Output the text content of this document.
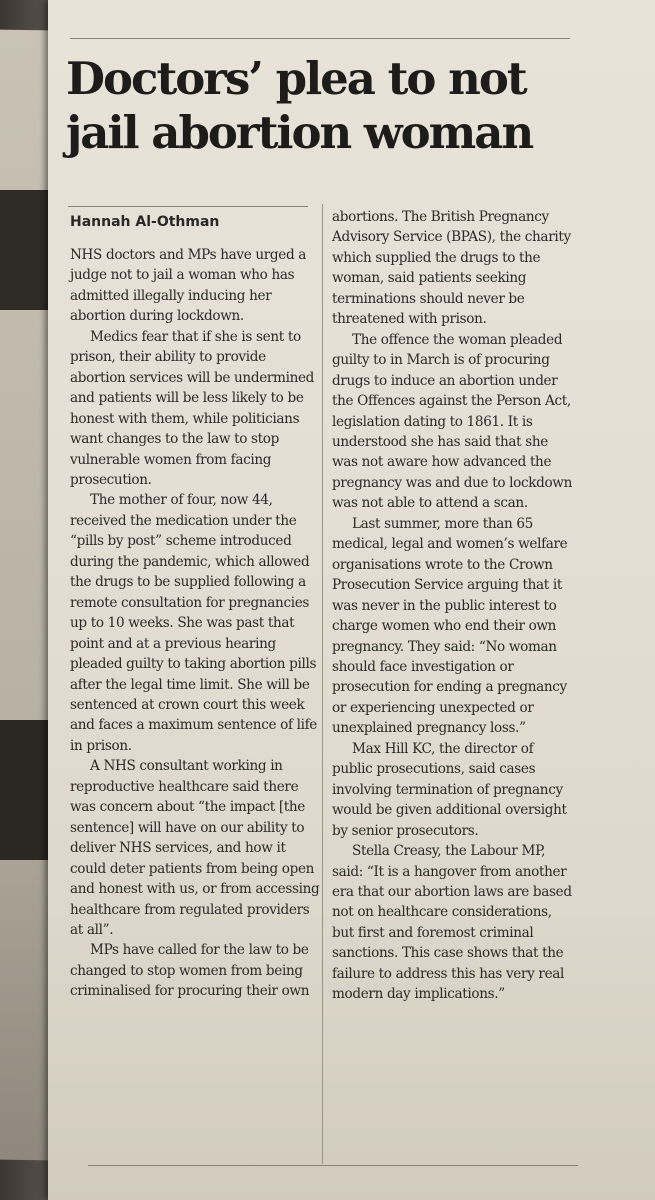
Doctors’ plea to not
jail abortion woman
Hannah Al-Othman

NHS doctors and MPs have urged a judge not to jail a woman who has admitted illegally inducing her abortion during lockdown.

Medics fear that if she is sent to prison, their ability to provide abortion services will be undermined and patients will be less likely to be honest with them, while politicians want changes to the law to stop vulnerable women from facing prosecution.

The mother of four, now 44, received the medication under the “pills by post” scheme introduced during the pandemic, which allowed the drugs to be supplied following a remote consultation for pregnancies up to 10 weeks. She was past that point and at a previous hearing pleaded guilty to taking abortion pills after the legal time limit. She will be sentenced at crown court this week and faces a maximum sentence of life in prison.

A NHS consultant working in reproductive healthcare said there was concern about “the impact [the sentence] will have on our ability to deliver NHS services, and how it could deter patients from being open and honest with us, or from accessing healthcare from regulated providers at all”.

MPs have called for the law to be changed to stop women from being criminalised for procuring their own

abortions. The British Pregnancy Advisory Service (BPAS), the charity which supplied the drugs to the woman, said patients seeking terminations should never be threatened with prison.

The offence the woman pleaded guilty to in March is of procuring drugs to induce an abortion under the Offences against the Person Act, legislation dating to 1861. It is understood she has said that she was not aware how advanced the pregnancy was and due to lockdown was not able to attend a scan.

Last summer, more than 65 medical, legal and women’s welfare organisations wrote to the Crown Prosecution Service arguing that it was never in the public interest to charge women who end their own pregnancy. They said: “No woman should face investigation or prosecution for ending a pregnancy or experiencing unexpected or unexplained pregnancy loss.”

Max Hill KC, the director of public prosecutions, said cases involving termination of pregnancy would be given additional oversight by senior prosecutors.

Stella Creasy, the Labour MP, said: “It is a hangover from another era that our abortion laws are based not on healthcare considerations, but first and foremost criminal sanctions. This case shows that the failure to address this has very real modern day implications.”
